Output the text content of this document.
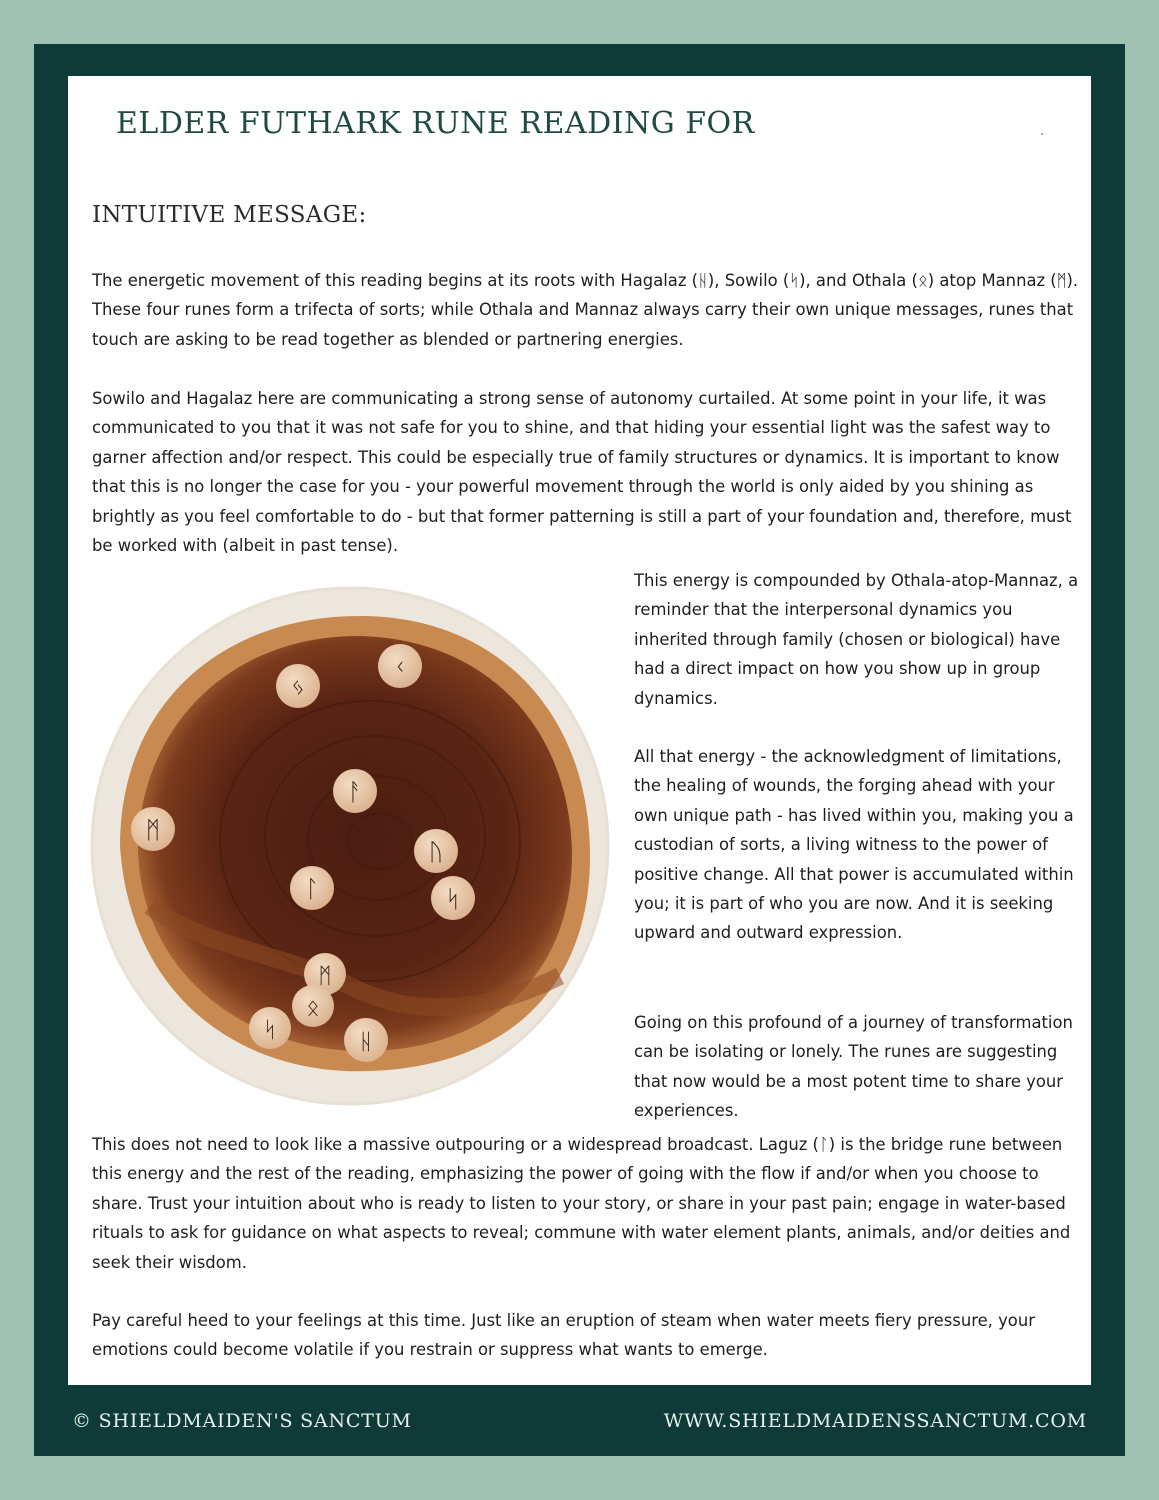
ELDER FUTHARK RUNE READING FOR
INTUITIVE MESSAGE:

The energetic movement of this reading begins at its roots with Hagalaz (ᚺ), Sowilo (ᛋ), and Othala (ᛟ) atop Mannaz (ᛗ). These four runes form a trifecta of sorts; while Othala and Mannaz always carry their own unique messages, runes that touch are asking to be read together as blended or partnering energies.

Sowilo and Hagalaz here are communicating a strong sense of autonomy curtailed. At some point in your life, it was communicated to you that it was not safe for you to shine, and that hiding your essential light was the safest way to garner affection and/or respect. This could be especially true of family structures or dynamics. It is important to know that this is no longer the case for you - your powerful movement through the world is only aided by you shining as brightly as you feel comfortable to do - but that former patterning is still a part of your foundation and, therefore, must be worked with (albeit in past tense).

This energy is compounded by Othala-atop-Mannaz, a reminder that the interpersonal dynamics you inherited through family (chosen or biological) have had a direct impact on how you show up in group dynamics.

All that energy - the acknowledgment of limitations, the healing of wounds, the forging ahead with your own unique path - has lived within you, making you a custodian of sorts, a living witness to the power of positive change. All that power is accumulated within you; it is part of who you are now. And it is seeking upward and outward expression.

Going on this profound of a journey of transformation can be isolating or lonely. The runes are suggesting that now would be a most potent time to share your experiences.

This does not need to look like a massive outpouring or a widespread broadcast. Laguz (ᛚ) is the bridge rune between this energy and the rest of the reading, emphasizing the power of going with the flow if and/or when you choose to share. Trust your intuition about who is ready to listen to your story, or share in your past pain; engage in water-based rituals to ask for guidance on what aspects to reveal; commune with water element plants, animals, and/or deities and seek their wisdom.

Pay careful heed to your feelings at this time. Just like an eruption of steam when water meets fiery pressure, your emotions could become volatile if you restrain or suppress what wants to emerge.

ᛃ
ᚲ
ᛗ
ᚨ
ᚢ
ᛚ	ᛋ
ᛗ
ᛟ
ᛋ	ᚺ
© SHIELDMAIDEN'S SANCTUM	WWW.SHIELDMAIDENSSANCTUM.COM
